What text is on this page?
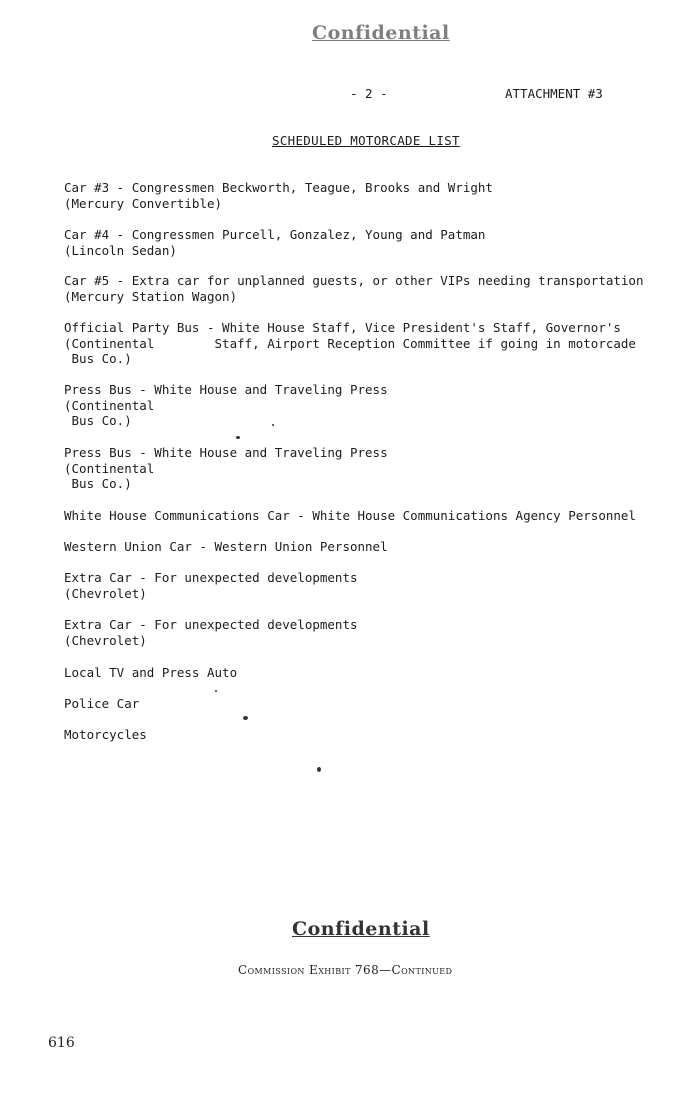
Confidential
- 2 -	ATTACHMENT #3
SCHEDULED MOTORCADE LIST
Car #3 - Congressmen Beckworth, Teague, Brooks and Wright
(Mercury Convertible)
Car #4 - Congressmen Purcell, Gonzalez, Young and Patman
(Lincoln Sedan)
Car #5 - Extra car for unplanned guests, or other VIPs needing transportation
(Mercury Station Wagon)
Official Party Bus - White House Staff, Vice President's Staff, Governor's
(Continental        Staff, Airport Reception Committee if going in motorcade
Bus Co.)
Press Bus - White House and Traveling Press
(Continental
Bus Co.)
Press Bus - White House and Traveling Press
(Continental
Bus Co.)
White House Communications Car - White House Communications Agency Personnel
Western Union Car - Western Union Personnel
Extra Car - For unexpected developments
(Chevrolet)
Extra Car - For unexpected developments
(Chevrolet)
Local TV and Press Auto
Police Car
Motorcycles
Confidential
Commission Exhibit 768—Continued
616
